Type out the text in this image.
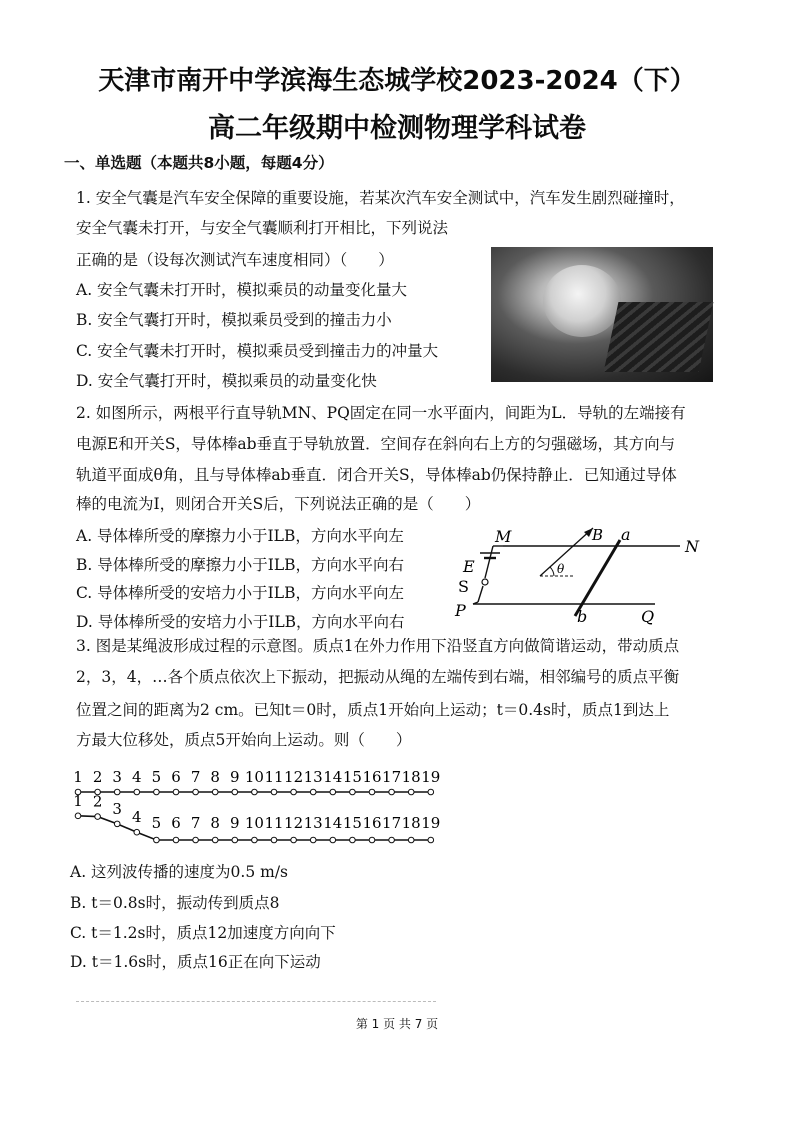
天津市南开中学滨海生态城学校2023-2024（下）
高二年级期中检测物理学科试卷
一、单选题（本题共8小题，每题4分）
1. 安全气囊是汽车安全保障的重要设施，若某次汽车安全测试中，汽车发生剧烈碰撞时，
安全气囊未打开，与安全气囊顺利打开相比，下列说法
正确的是（设每次测试汽车速度相同）（　　）
A. 安全气囊未打开时，模拟乘员的动量变化量大
B. 安全气囊打开时，模拟乘员受到的撞击力小
C. 安全气囊未打开时，模拟乘员受到撞击力的冲量大
D. 安全气囊打开时，模拟乘员的动量变化快
2. 如图所示，两根平行直导轨MN、PQ固定在同一水平面内，间距为L．导轨的左端接有
电源E和开关S，导体棒ab垂直于导轨放置．空间存在斜向右上方的匀强磁场，其方向与
轨道平面成θ角，且与导体棒ab垂直．闭合开关S，导体棒ab仍保持静止．已知通过导体
棒的电流为I，则闭合开关S后，下列说法正确的是（　　）
A. 导体棒所受的摩擦力小于ILB，方向水平向左
B. 导体棒所受的摩擦力小于ILB，方向水平向右
C. 导体棒所受的安培力小于ILB，方向水平向左
D. 导体棒所受的安培力小于ILB，方向水平向右
M
N
P	Q
E
S
B a
b
θ
3. 图是某绳波形成过程的示意图。质点1在外力作用下沿竖直方向做简谐运动，带动质点
2，3，4，…各个质点依次上下振动，把振动从绳的左端传到右端，相邻编号的质点平衡
位置之间的距离为2 cm。已知t＝0时，质点1开始向上运动；t＝0.4s时，质点1到达上
方最大位移处，质点5开始向上运动。则（　　）
1 2 3 4 5 6 7 8 9 10 11 12 13 14 15 16 17 18 19
1 2 3 4 5 6 7 8 9 10 11 12 13 14 15 16 17 18 19
A. 这列波传播的速度为0.5 m/s
B. t＝0.8s时，振动传到质点8
C. t＝1.2s时，质点12加速度方向向下
D. t＝1.6s时，质点16正在向下运动
第 1 页 共 7 页
